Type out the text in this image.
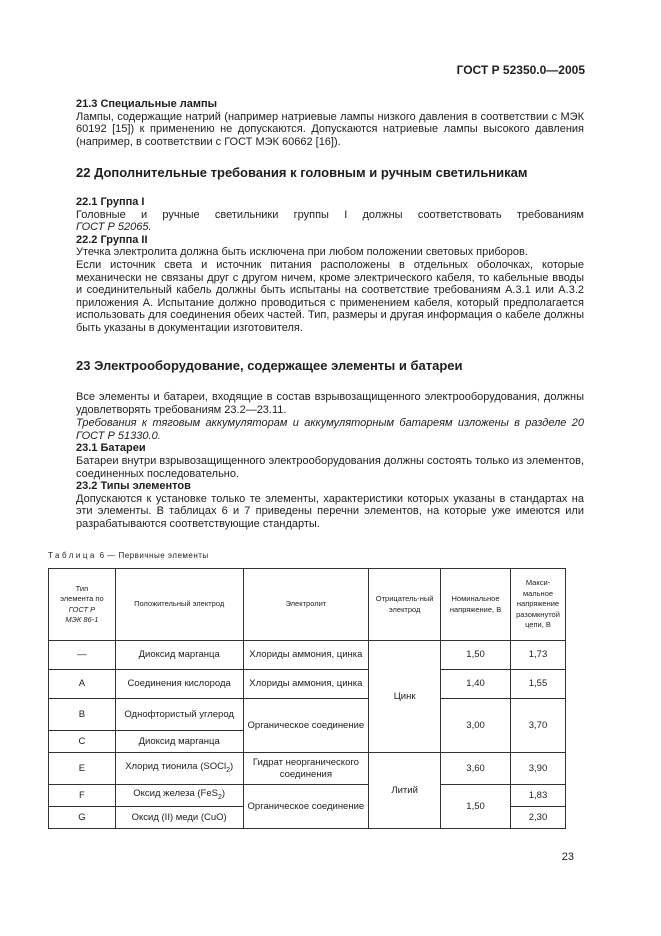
ГОСТ Р 52350.0—2005
21.3 Специальные лампы
Лампы, содержащие натрий (например натриевые лампы низкого давления в соответствии с МЭК 60192 [15]) к применению не допускаются. Допускаются натриевые лампы высокого давления (например, в соответствии с ГОСТ МЭК 60662 [16]).
22 Дополнительные требования к головным и ручным светильникам
22.1 Группа I
Головные и ручные светильники группы I должны соответствовать требованиям
ГОСТ Р 52065.
22.2 Группа II
Утечка электролита должна быть исключена при любом положении световых приборов.
Если источник света и источник питания расположены в отдельных оболочках, которые механически не связаны друг с другом ничем, кроме электрического кабеля, то кабельные вводы и соединительный кабель должны быть испытаны на соответствие требованиям А.3.1 или А.3.2 приложения А. Испытание должно проводиться с применением кабеля, который предполагается использовать для соединения обеих частей. Тип, размеры и другая информация о кабеле должны быть указаны в документации изготовителя.
23 Электрооборудование, содержащее элементы и батареи
Все элементы и батареи, входящие в состав взрывозащищенного электрооборудования, должны удовлетворять требованиям 23.2—23.11.
Требования к тяговым аккумуляторам и аккумуляторным батареям изложены в разделе 20 ГОСТ Р 51330.0.
23.1 Батареи
Батареи внутри взрывозащищенного электрооборудования должны состоять только из элементов, соединенных последовательно.
23.2 Типы элементов
Допускаются к установке только те элементы, характеристики которых указаны в стандартах на эти элементы. В таблицах 6 и 7 приведены перечни элементов, на которые уже имеются или разрабатываются соответствующие стандарты.
Таблица 6 — Первичные элементы
Тип
элемента по
ГОСТ Р
МЭК 86-1	Положительный электрод	Электролит	Отрицатель-ный электрод	Номинальное напряжение, В	Макси-мальное напряжение разомкнутой цепи, В
—	Диоксид марганца	Хлориды аммония, цинка	Цинк	1,50	1,73
A	Соединения кислорода	Хлориды аммония, цинка		1,40	1,55
B	Однофтористый углерод	Органическое соединение		3,00	3,70
C	Диоксид марганца				
E	Хлорид тионила (SOCl$_2$)	Гидрат неорганического соединения	Литий	3,60	3,90
F	Оксид железа (FeS$_2$)	Органическое соединение		1,50	1,83
G	Оксид (II) меди (CuO)				2,30
23
